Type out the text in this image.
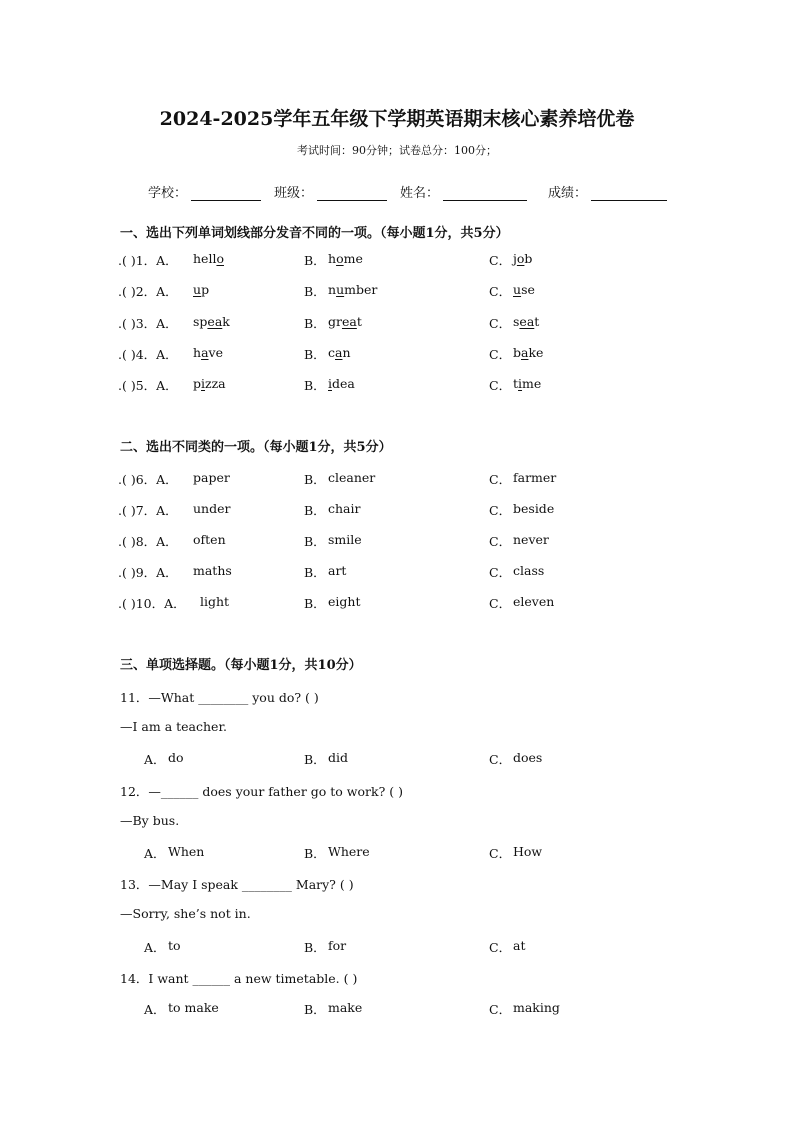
2024-2025学年五年级下学期英语期末核心素养培优卷
考试时间：90分钟；试卷总分：100分；
学校：	班级：	姓名：	成绩：
一、选出下列单词划线部分发音不同的一项。（每小题1分，共5分）
.( )1．A． hello	B． home	C． job
.( )2．A． up	B． number	C． use
.( )3．A． speak	B． great	C． seat
.( )4．A． have	B． can	C． bake
.( )5．A． pizza	B． idea	C． time
二、选出不同类的一项。（每小题1分，共5分）
.( )6．A． paper	B． cleaner	C． farmer
.( )7．A． under	B． chair	C． beside
.( )8．A． often	B． smile	C． never
.( )9．A． maths	B． art	C． class
.( )10．A． light	B． eight	C． eleven
三、单项选择题。（每小题1分，共10分）
11．—What ________ you do? ( )
—I am a teacher.
A． do	B． did	C． does
12．—______ does your father go to work? ( )
—By bus.
A． When	B． Where	C． How
13．—May I speak ________ Mary? ( )
—Sorry, she’s not in.
A． to	B． for	C． at
14．I want ______ a new timetable. ( )
A． to make	B． make	C． making
